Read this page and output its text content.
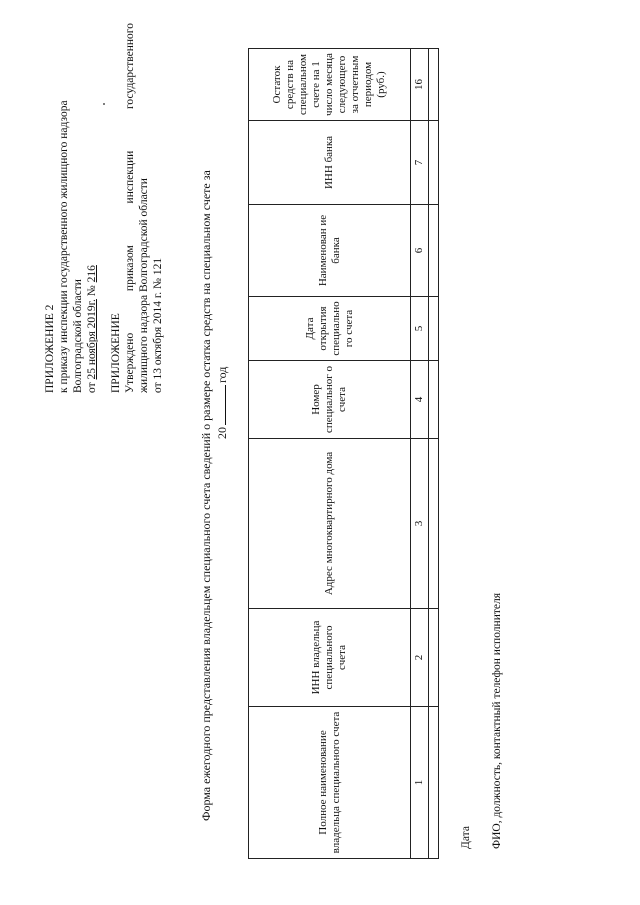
ПРИЛОЖЕНИЕ 2 к приказу инспекции государственного жилищного надзора Волгоградской области от 25 ноября 2019г. № 216
ПРИЛОЖЕНИЕ Утверждено приказом инспекции государственного жилищного надзора Волгоградской области от 13 октября 2014 г. № 121	Форма ежегодного представления владельцем специального счета сведений о размере остатка средств на специальном счете за 20год
Полное наименование владельца специального счета	ИНН владельца специального счета	Адрес многоквартирного дома	Номер специальног о счета	Дата открытия специально го счета	Наименован ие банка	ИНН банка	Остаток средств на специальном счете на 1 число месяца следующего за отчетным периодом (руб.)
1	2	3	4	5	6	7	16

Дата ФИО, должность, контактный телефон исполнителя
